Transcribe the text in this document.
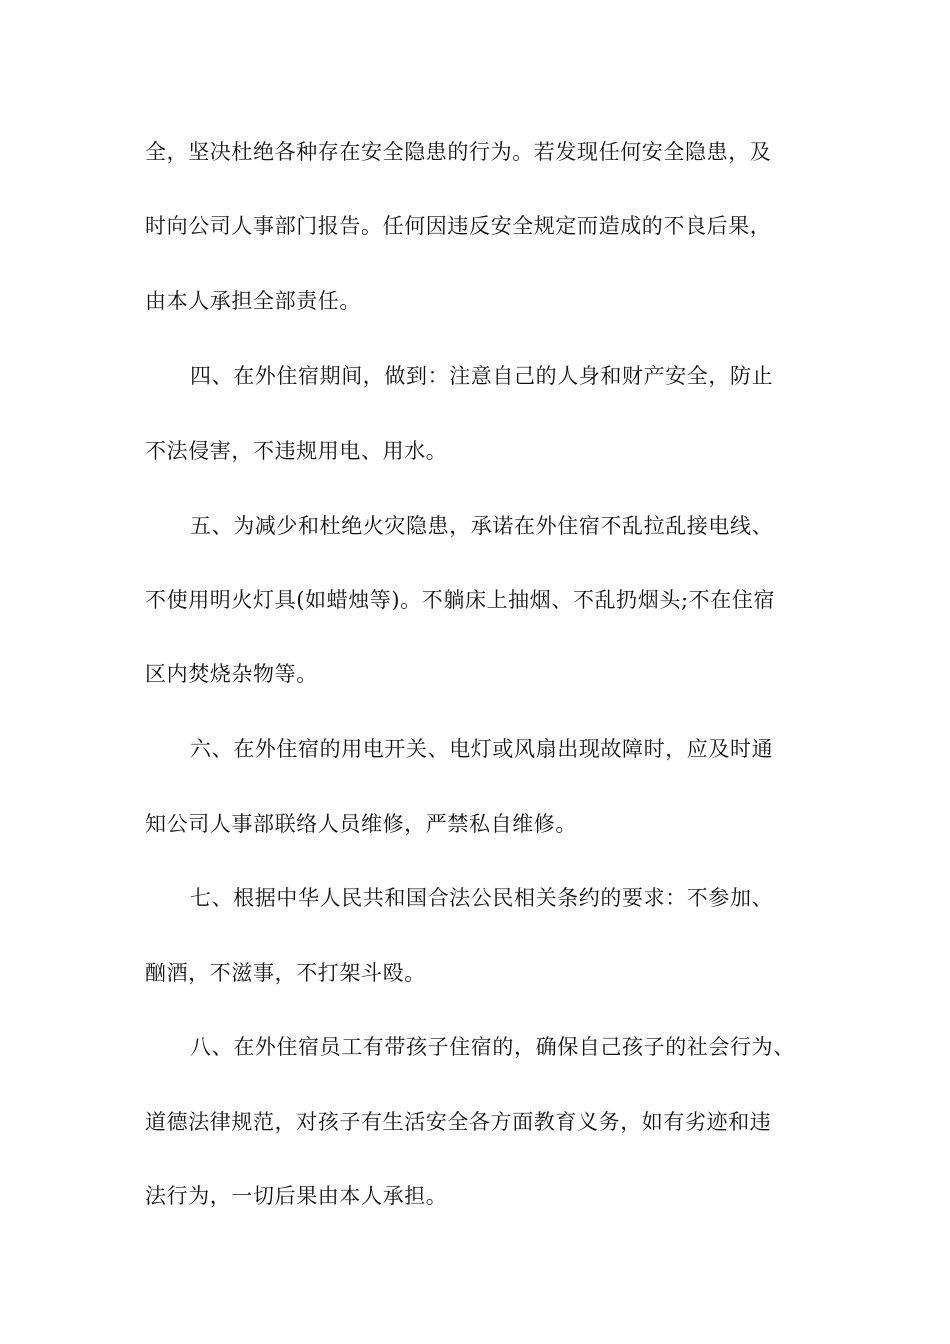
全，坚决杜绝各种存在安全隐患的行为。若发现任何安全隐患，及
时向公司人事部门报告。任何因违反安全规定而造成的不良后果，
由本人承担全部责任。
四、在外住宿期间，做到：注意自己的人身和财产安全，防止
不法侵害，不违规用电、用水。
五、为减少和杜绝火灾隐患，承诺在外住宿不乱拉乱接电线、
不使用明火灯具(如蜡烛等)。不躺床上抽烟、不乱扔烟头;不在住宿
区内焚烧杂物等。
六、在外住宿的用电开关、电灯或风扇出现故障时，应及时通
知公司人事部联络人员维修，严禁私自维修。
七、根据中华人民共和国合法公民相关条约的要求：不参加、
酗酒，不滋事，不打架斗殴。
八、在外住宿员工有带孩子住宿的，确保自己孩子的社会行为、
道德法律规范，对孩子有生活安全各方面教育义务，如有劣迹和违
法行为，一切后果由本人承担。
